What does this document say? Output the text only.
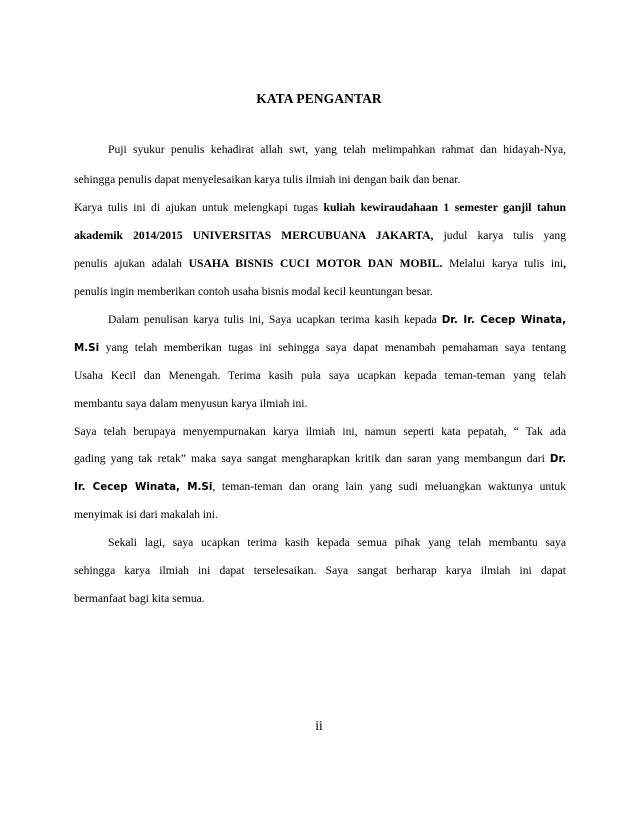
KATA PENGANTAR
Puji syukur penulis kehadirat allah swt, yang telah melimpahkan rahmat dan hidayah-Nya,
sehingga penulis dapat menyelesaikan karya tulis ilmiah ini dengan baik dan benar.
Karya tulis ini di ajukan untuk melengkapi tugas kuliah kewiraudahaan 1 semester ganjil tahun
akademik 2014/2015 UNIVERSITAS MERCUBUANA JAKARTA, judul karya tulis yang
penulis ajukan adalah USAHA BISNIS CUCI MOTOR DAN MOBIL. Melalui karya tulis ini,
penulis ingin memberikan contoh usaha bisnis modal kecil keuntungan besar.
Dalam penulisan karya tulis ini, Saya ucapkan terima kasih kepada Dr. Ir. Cecep Winata,
M.Si yang telah memberikan tugas ini sehingga saya dapat menambah pemahaman saya tentang
Usaha Kecil dan Menengah. Terima kasih pula saya ucapkan kepada teman-teman yang telah
membantu saya dalam menyusun karya ilmiah ini.
Saya telah berupaya menyempurnakan karya ilmiah ini, namun seperti kata pepatah, “ Tak ada
gading yang tak retak” maka saya sangat mengharapkan kritik dan saran yang membangun dari Dr.
Ir. Cecep Winata, M.Si, teman-teman dan orang lain yang sudi meluangkan waktunya untuk
menyimak isi dari makalah ini.
Sekali lagi, saya ucapkan terima kasih kepada semua pihak yang telah membantu saya
sehingga karya ilmiah ini dapat terselesaikan. Saya sangat berharap karya ilmiah ini dapat
bermanfaat bagi kita semua.
ii
